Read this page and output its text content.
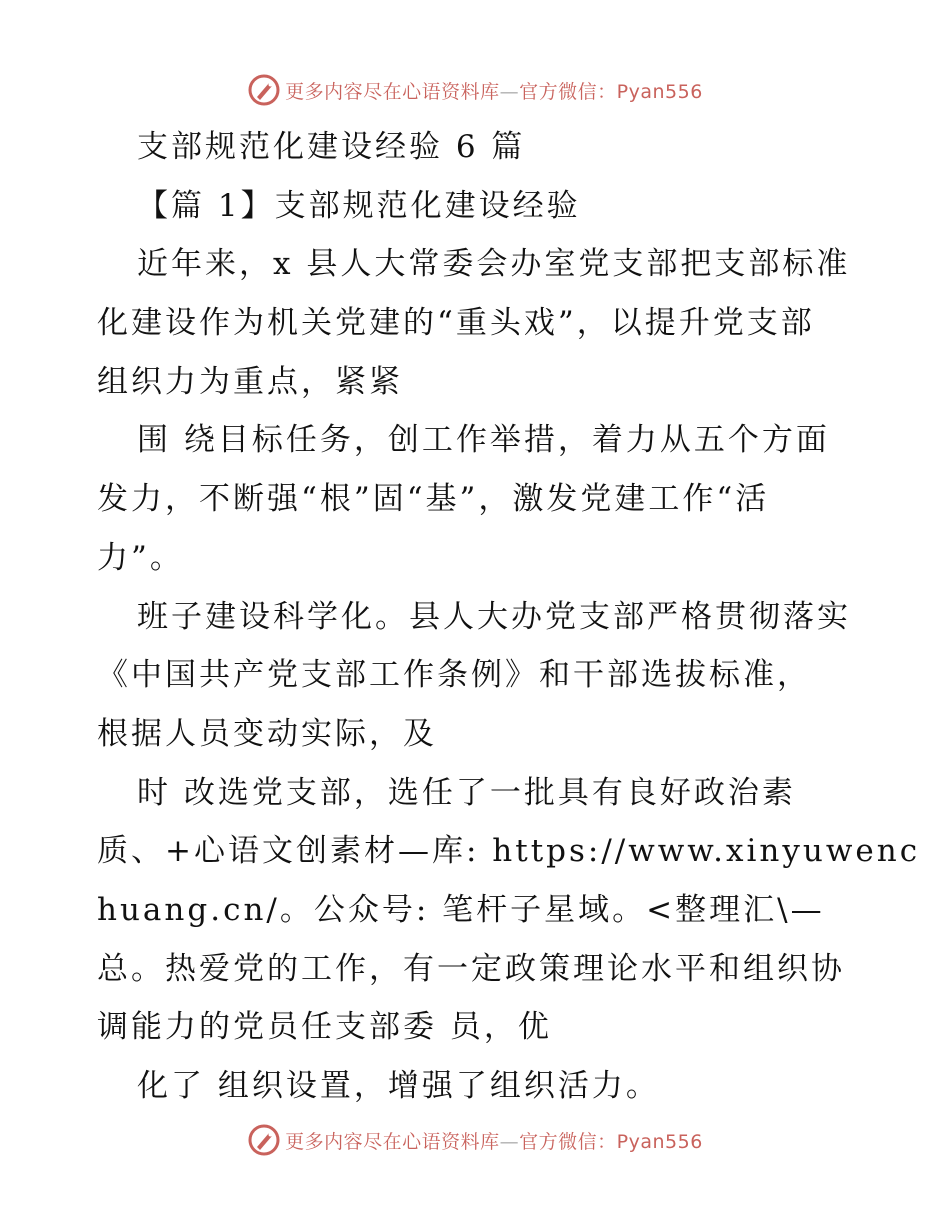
更多内容尽在心语资料库—官方微信：Pyan556
支部规范化建设经验 6 篇
【篇 1】支部规范化建设经验
近年来，x 县人大常委会办室党支部把支部标准
化建设作为机关党建的“重头戏”，以提升党支部
组织力为重点，紧紧
围 绕目标任务，创工作举措，着力从五个方面
发力，不断强“根”固“基”，激发党建工作“活
力”。
班子建设科学化。县人大办党支部严格贯彻落实
《中国共产党支部工作条例》和干部选拔标准，
根据人员变动实际，及
时 改选党支部，选任了一批具有良好政治素
质、+心语文创素材—库: https://www.xinyuwenc
huang.cn/。公众号: 笔杆子星域。<整理汇\—
总。热爱党的工作，有一定政策理论水平和组织协
调能力的党员任支部委 员，优
化了 组织设置，增强了组织活力。
更多内容尽在心语资料库—官方微信：Pyan556
